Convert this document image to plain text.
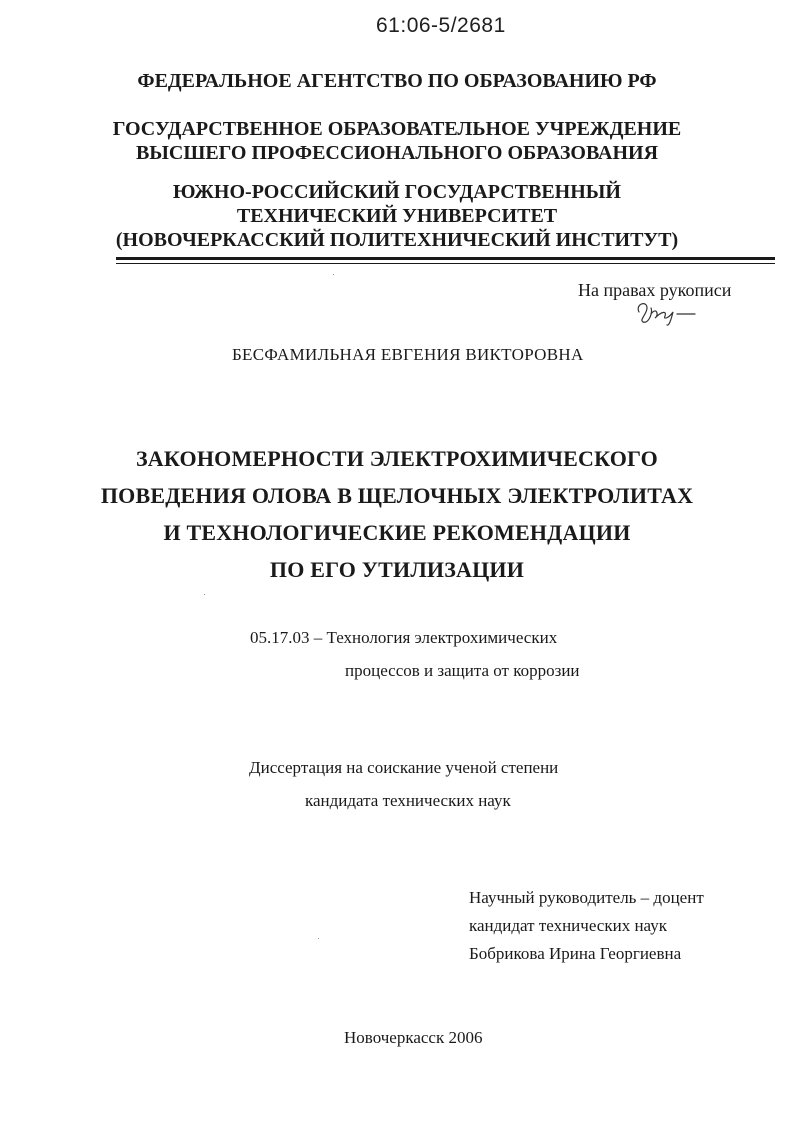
61:06-5/2681
ФЕДЕРАЛЬНОЕ АГЕНТСТВО ПО ОБРАЗОВАНИЮ РФ
ГОСУДАРСТВЕННОЕ ОБРАЗОВАТЕЛЬНОЕ УЧРЕЖДЕНИЕ
ВЫСШЕГО ПРОФЕССИОНАЛЬНОГО ОБРАЗОВАНИЯ
ЮЖНО-РОССИЙСКИЙ ГОСУДАРСТВЕННЫЙ
ТЕХНИЧЕСКИЙ УНИВЕРСИТЕТ
(НОВОЧЕРКАССКИЙ ПОЛИТЕХНИЧЕСКИЙ ИНСТИТУТ)
На правах рукописи
БЕСФАМИЛЬНАЯ ЕВГЕНИЯ ВИКТОРОВНА
ЗАКОНОМЕРНОСТИ ЭЛЕКТРОХИМИЧЕСКОГО
ПОВЕДЕНИЯ ОЛОВА В ЩЕЛОЧНЫХ ЭЛЕКТРОЛИТАХ
И ТЕХНОЛОГИЧЕСКИЕ РЕКОМЕНДАЦИИ
ПО ЕГО УТИЛИЗАЦИИ
05.17.03 – Технология электрохимических
процессов и защита от коррозии
Диссертация на соискание ученой степени
кандидата технических наук
Научный руководитель – доцент
кандидат технических наук
Бобрикова Ирина Георгиевна
Новочеркасск 2006
